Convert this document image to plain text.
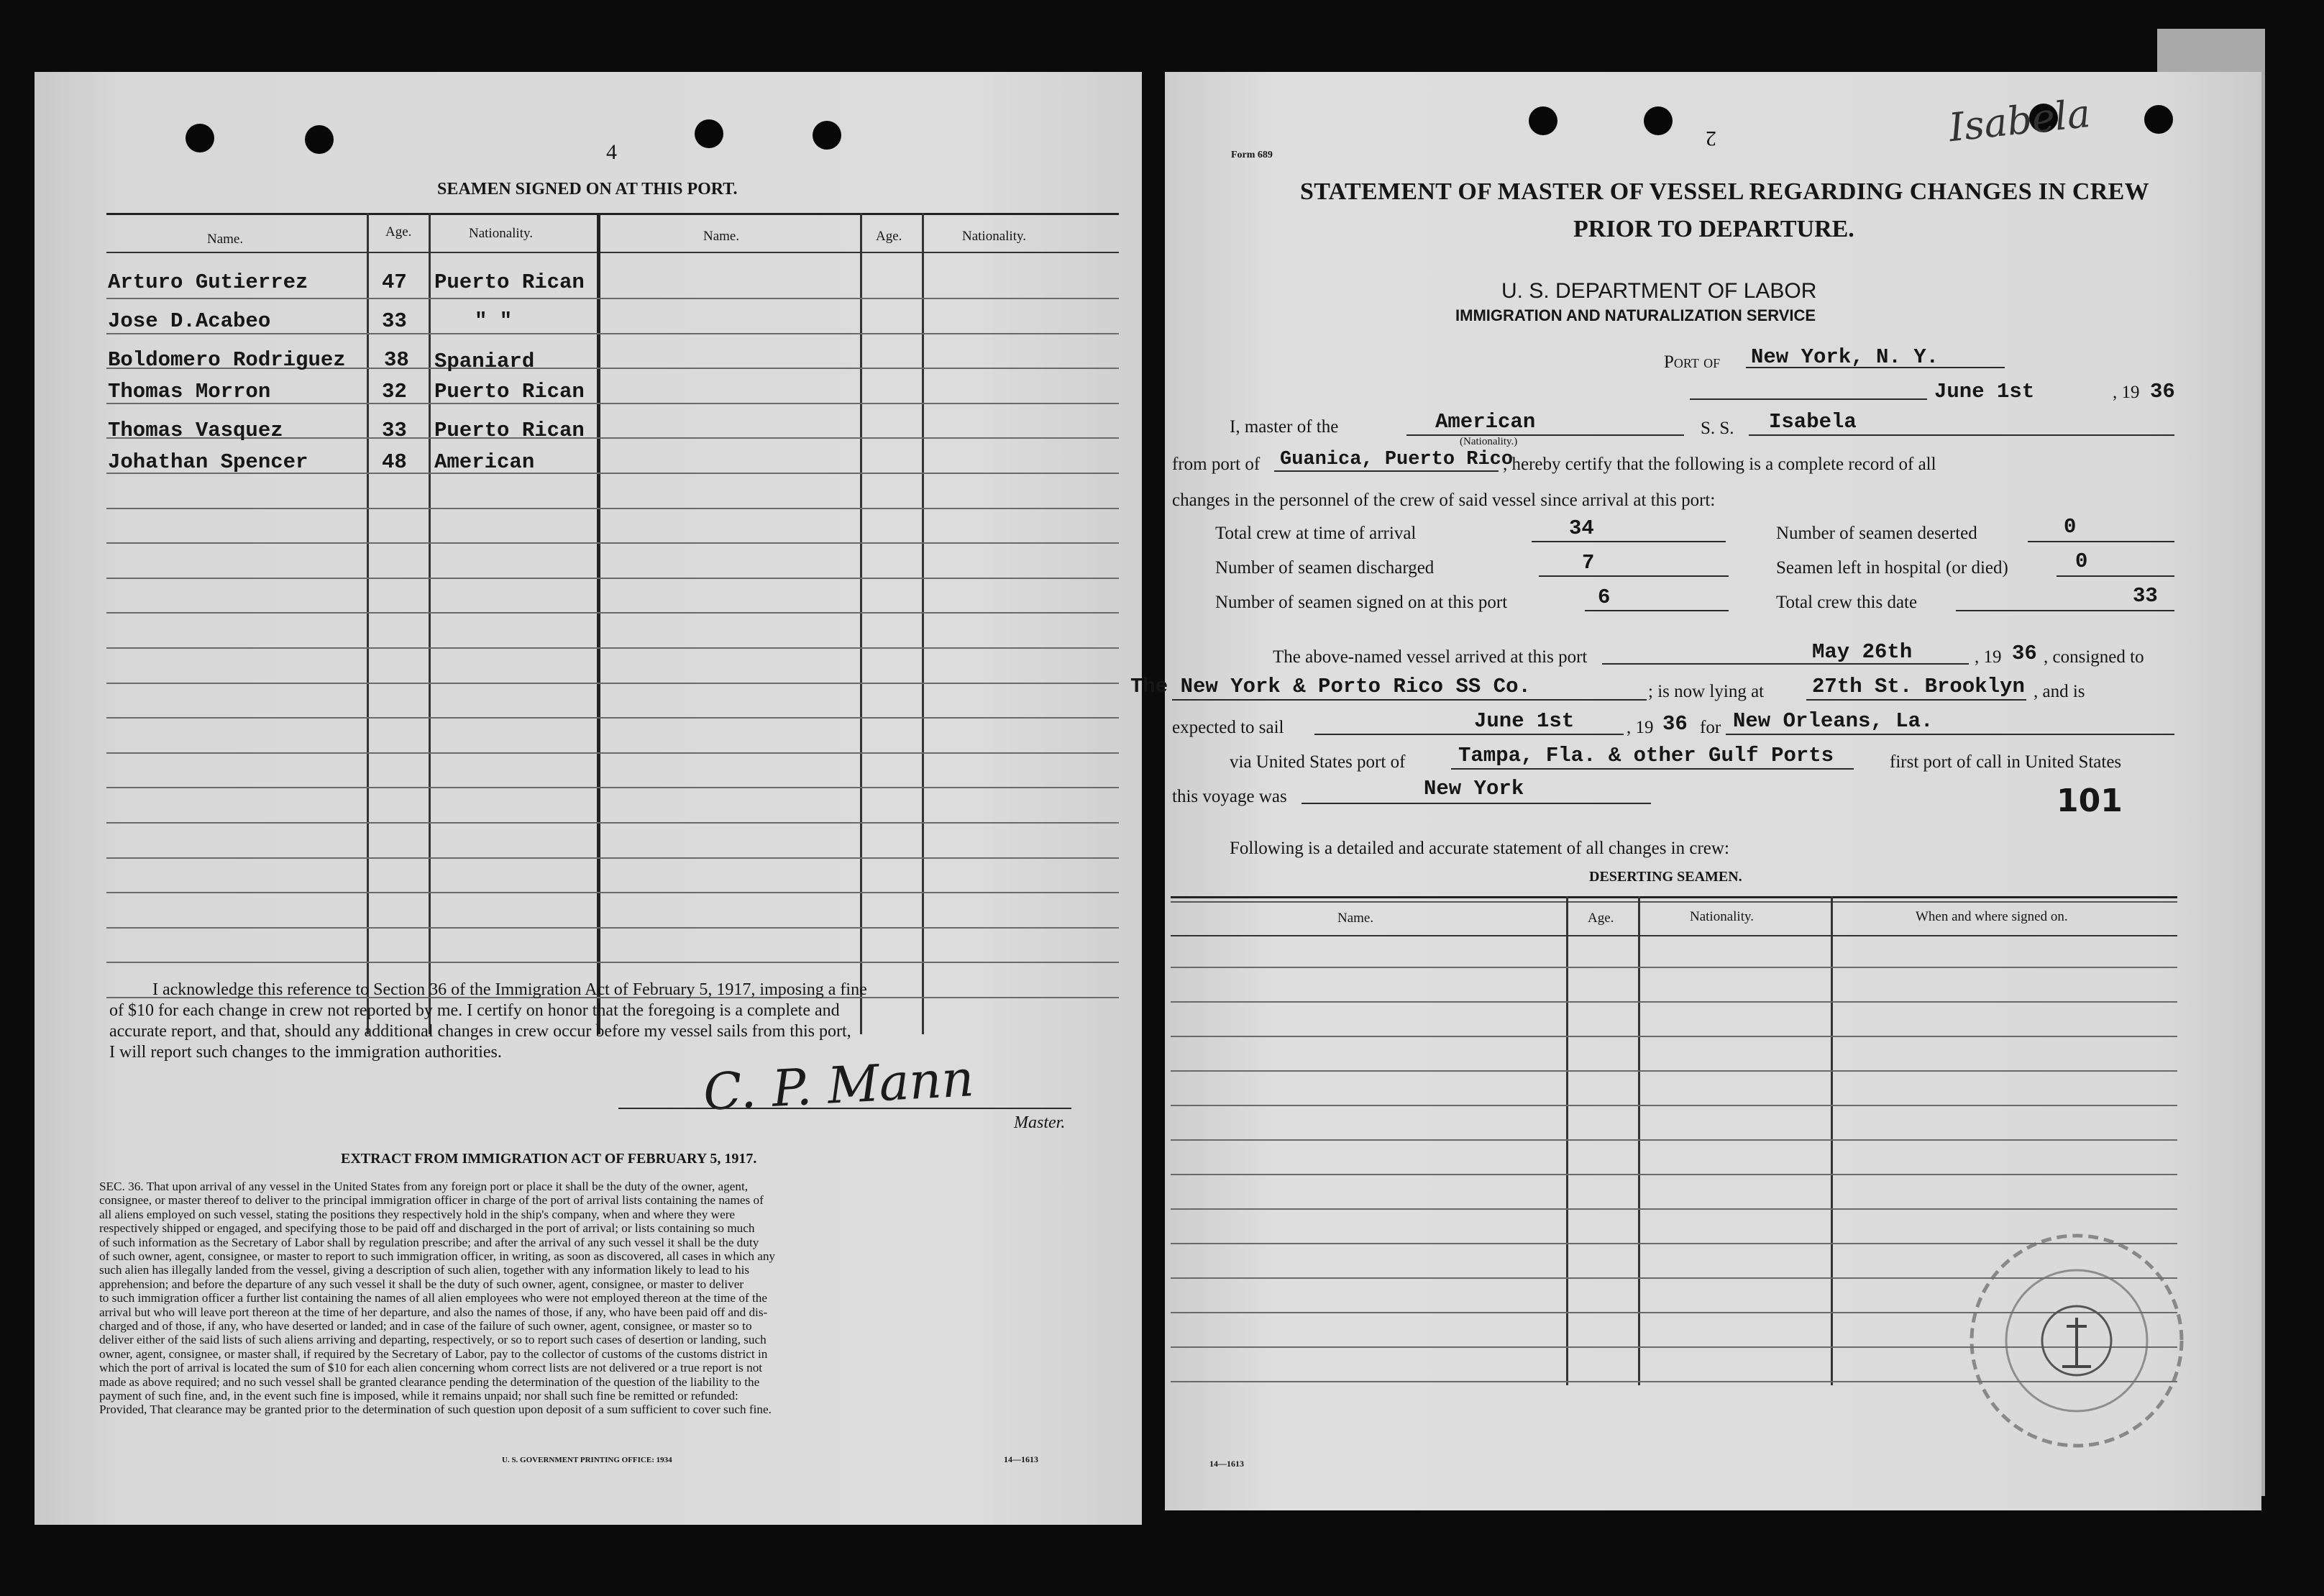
4
SEAMEN SIGNED ON AT THIS PORT.
Name.	Age.	Nationality.	Name.	Age.	Nationality.
Arturo Gutierrez	47 Puerto Rican
Jose D.Acabeo	33	" "
Boldomero Rodriguez 38 Spaniard
Thomas Morron	32 Puerto Rican
Thomas Vasquez	33 Puerto Rican
Johathan Spencer	48 American
I acknowledge this reference to Section 36 of the Immigration Act of February 5, 1917, imposing a fine
of $10 for each change in crew not reported by me. I certify on honor that the foregoing is a complete and
accurate report, and that, should any additional changes in crew occur before my vessel sails from this port,
I will report such changes to the immigration authorities.	C. P. Mann
Master.
EXTRACT FROM IMMIGRATION ACT OF FEBRUARY 5, 1917.
SEC. 36. That upon arrival of any vessel in the United States from any foreign port or place it shall be the duty of the owner, agent,
consignee, or master thereof to deliver to the principal immigration officer in charge of the port of arrival lists containing the names of
all aliens employed on such vessel, stating the positions they respectively hold in the ship's company, when and where they were
respectively shipped or engaged, and specifying those to be paid off and discharged in the port of arrival; or lists containing so much
of such information as the Secretary of Labor shall by regulation prescribe; and after the arrival of any such vessel it shall be the duty
of such owner, agent, consignee, or master to report to such immigration officer, in writing, as soon as discovered, all cases in which any
such alien has illegally landed from the vessel, giving a description of such alien, together with any information likely to lead to his
apprehension; and before the departure of any such vessel it shall be the duty of such owner, agent, consignee, or master to deliver
to such immigration officer a further list containing the names of all alien employees who were not employed thereon at the time of the
arrival but who will leave port thereon at the time of her departure, and also the names of those, if any, who have been paid off and dis-
charged and of those, if any, who have deserted or landed; and in case of the failure of such owner, agent, consignee, or master so to
deliver either of the said lists of such aliens arriving and departing, respectively, or so to report such cases of desertion or landing, such
owner, agent, consignee, or master shall, if required by the Secretary of Labor, pay to the collector of customs of the customs district in
which the port of arrival is located the sum of $10 for each alien concerning whom correct lists are not delivered or a true report is not
made as above required; and no such vessel shall be granted clearance pending the determination of the question of the liability to the
payment of such fine, and, in the event such fine is imposed, while it remains unpaid; nor shall such fine be remitted or refunded:
Provided, That clearance may be granted prior to the determination of such question upon deposit of a sum sufficient to cover such fine.
U. S. GOVERNMENT PRINTING OFFICE: 1934	14—1613
Form 689
2	Isabela
STATEMENT OF MASTER OF VESSEL REGARDING CHANGES IN CREW
PRIOR TO DEPARTURE.
U. S. DEPARTMENT OF LABOR
IMMIGRATION AND NATURALIZATION SERVICE
Port of New York, N. Y.
June 1st	, 19 36
I, master of the	American
(Nationality.)
S. S. Isabela
from port of Guanica, Puerto Rico
, hereby certify that the following is a complete record of all
changes in the personnel of the crew of said vessel since arrival at this port:
Total crew at time of arrival	34	Number of seamen deserted	0
Number of seamen discharged	7	Seamen left in hospital (or died)	0
Number of seamen signed on at this port	6	Total crew this date	33
The above-named vessel arrived at this port	May 26th	, 19 36 , consigned to
The New York & Porto Rico SS Co.	; is now lying at 27th St. Brooklyn , and is
expected to sail	June 1st	, 19 36 for New Orleans, La.
via United States port of	Tampa, Fla. & other Gulf Ports	first port of call in United States
this voyage was	New York	101
Following is a detailed and accurate statement of all changes in crew:
DESERTING SEAMEN.
Name.	Age.	Nationality.	When and where signed on.
14—1613
